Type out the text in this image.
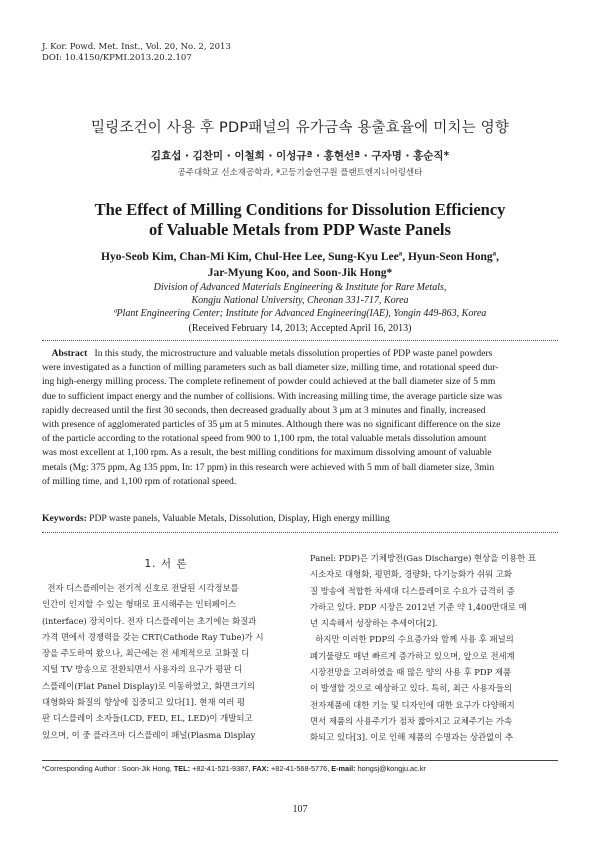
J. Kor. Powd. Met. Inst., Vol. 20, No. 2, 2013
DOI: 10.4150/KPMI.2013.20.2.107
밀링조건이 사용 후 PDP패널의 유가금속 용출효율에 미치는 영향
김효섭 · 김찬미 · 이철희 · 이성규ª · 홍현선ª · 구자명 · 홍순직*
공주대학교 신소재공학과, ª고등기술연구원 플랜트엔지니어링센타
The Effect of Milling Conditions for Dissolution Efficiency
of Valuable Metals from PDP Waste Panels
Hyo-Seob Kim, Chan-Mi Kim, Chul-Hee Lee, Sung-Kyu Leeª, Hyun-Seon Hongª,
Jar-Myung Koo, and Soon-Jik Hong*
Division of Advanced Materials Engineering & Institute for Rare Metals,
Kongju National University, Cheonan 331-717, Korea
ªPlant Engineering Center; Institute for Advanced Engineering(IAE), Yongin 449-863, Korea
(Received February 14, 2013; Accepted April 16, 2013)
Abstract In this study, the microstructure and valuable metals dissolution properties of PDP waste panel powders
were investigated as a function of milling parameters such as ball diameter size, milling time, and rotational speed dur-
ing high-energy milling process. The complete refinement of powder could achieved at the ball diameter size of 5 mm
due to sufficient impact energy and the number of collisions. With increasing milling time, the average particle size was
rapidly decreased until the first 30 seconds, then decreased gradually about 3 μm at 3 minutes and finally, increased
with presence of agglomerated particles of 35 μm at 5 minutes. Although there was no significant difference on the size
of the particle according to the rotational speed from 900 to 1,100 rpm, the total valuable metals dissolution amount
was most excellent at 1,100 rpm. As a result, the best milling conditions for maximum dissolving amount of valuable
metals (Mg: 375 ppm, Ag 135 ppm, In: 17 ppm) in this research were achieved with 5 mm of ball diameter size, 3min
of milling time, and 1,100 rpm of rotational speed.
Keywords: PDP waste panels, Valuable Metals, Dissolution, Display, High energy milling
1. 서 론
전자 디스플레이는 전기적 신호로 전달된 시각정보를
인간이 인지할 수 있는 형태로 표시해주는 인터페이스
(interface) 장치이다. 전자 디스플레이는 초기에는 화질과
가격 면에서 경쟁력을 갖는 CRT(Cathode Ray Tube)가 시
장을 주도하여 왔으나, 최근에는 전 세계적으로 고화질 디
지털 TV 방송으로 전환되면서 사용자의 요구가 평판 디
스플레이(Flat Panel Display)로 이동하였고, 화면크기의
대형화와 화질의 향상에 집중되고 있다[1]. 현재 여러 평
판 디스플레이 소자들(LCD, FED, EL, LED)이 개발되고
있으며, 이 중 플라즈마 디스플레이 패널(Plasma Display
Panel: PDP)은 기체방전(Gas Discharge) 현상을 이용한 표
시소자로 대형화, 평면화, 경량화, 다기능화가 쉬워 고화
질 방송에 적합한 차세대 디스플레이로 수요가 급격히 증
가하고 있다. PDP 시장은 2012년 기준 약 1,400만대로 매
년 지속해서 성장하는 추세이다[2].
하지만 이러한 PDP의 수요증가와 함께 사용 후 패널의
폐기물량도 매년 빠르게 증가하고 있으며, 앞으로 전세계
시장전망을 고려하였을 때 많은 양의 사용 후 PDP 제품
이 발생할 것으로 예상하고 있다. 특히, 최근 사용자들의
전자제품에 대한 기능 및 디자인에 대한 요구가 다양해지
면서 제품의 사용주기가 점차 짧아지고 교체주기는 가속
화되고 있다[3]. 이로 인해 제품의 수명과는 상관없이 추
*Corresponding Author : Soon-Jik Hong, TEL: +82-41-521-9387, FAX: +82-41-568-5776, E-mail: hongsj@kongju.ac.kr
107
